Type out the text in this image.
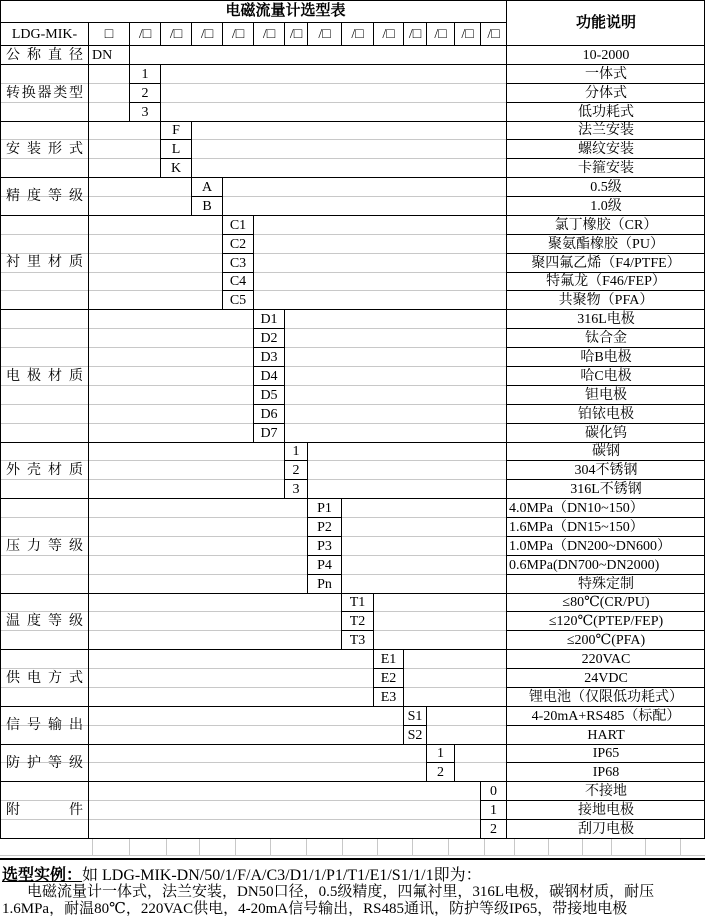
电磁流量计选型表
功能说明
LDG-MIK-
选型实例：如 LDG-MIK-DN/50/1/F/A/C3/D1/1/P1/T1/E1/S1/1/1即为：
电磁流量计一体式，法兰安装，DN50口径，0.5级精度，四氟衬里，316L电极，碳钢材质，耐压
1.6MPa，耐温80℃，220VAC供电，4-20mA信号输出，RS485通讯，防护等级IP65，带接地电极
□	/□	/□	/□	/□	/□	/□	/□	/□	/□	/□ /□	/□ /□
公称直径 DN	10-2000
转换器类型
1	一体式
2	分体式
3	低功耗式
安装形式
F	法兰安装
L	螺纹安装
K	卡箍安装
精度等级
A	0.5级
B	1.0级
衬里材质
C1	氯丁橡胶（CR）
C2	聚氨酯橡胶（PU）
C3	聚四氟乙烯（F4/PTFE）
C4	特氟龙（F46/FEP）
C5	共聚物（PFA）
电极材质
D1	316L电极
D2	钛合金
D3	哈B电极
D4	哈C电极
D5	钽电极
D6	铂铱电极
D7	碳化钨
外壳材质
1	碳钢
2	304不锈钢
3	316L不锈钢
压力等级
P1	4.0MPa（DN10~150）
P2	1.6MPa（DN15~150）
P3	1.0MPa（DN200~DN600）
P4	0.6MPa(DN700~DN2000)
Pn	特殊定制
温度等级
T1	≤80℃(CR/PU)
T2	≤120℃(PTEP/FEP)
T3	≤200℃(PFA)
供电方式
E1	220VAC
E2	24VDC
E3	锂电池（仅限低功耗式）
信号输出
S1	4-20mA+RS485（标配）
S2	HART
防护等级
1	IP65
2	IP68
附件
0	不接地
1	接地电极
2	刮刀电极
